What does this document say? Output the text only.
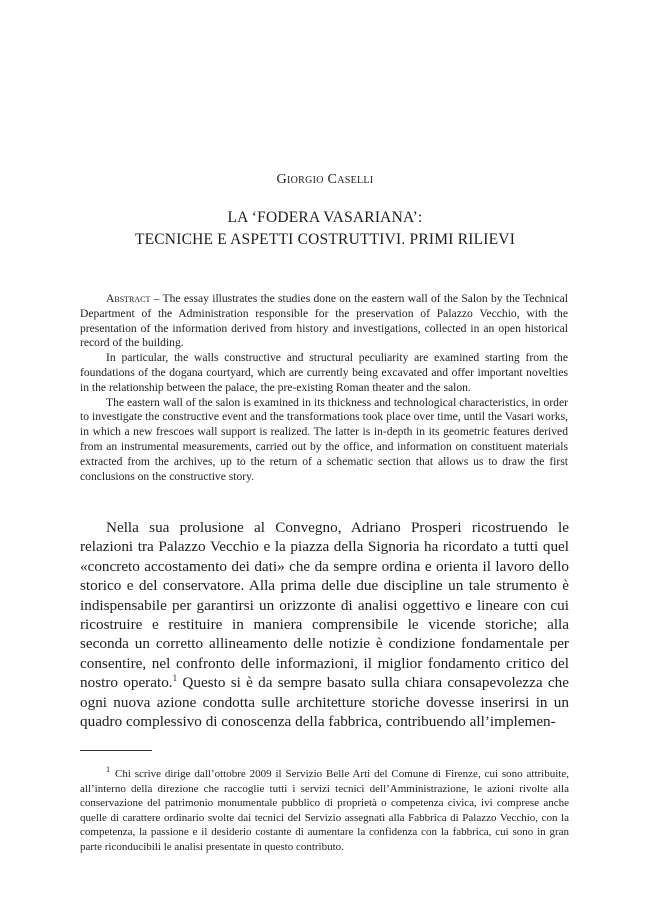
Giorgio Caselli
LA ‘FODERA VASARIANA’:
TECNICHE E ASPETTI COSTRUTTIVI. PRIMI RILIEVI

Abstract – The essay illustrates the studies done on the eastern wall of the Salon by the Technical Department of the Administration responsible for the preservation of Palazzo Vecchio, with the presentation of the information derived from history and investigations, collected in an open historical record of the building.

In particular, the walls constructive and structural peculiarity are examined starting from the foundations of the dogana courtyard, which are currently being excavated and offer important novelties in the relationship between the palace, the pre-existing Roman theater and the salon.

The eastern wall of the salon is examined in its thickness and technological characteristics, in order to investigate the constructive event and the transformations took place over time, until the Vasari works, in which a new frescoes wall support is realized. The latter is in-depth in its geometric features derived from an instrumental measurements, carried out by the office, and information on constituent materials extracted from the archives, up to the return of a schematic section that allows us to draw the first conclusions on the constructive story.

Nella sua prolusione al Convegno, Adriano Prosperi ricostruendo le relazioni tra Palazzo Vecchio e la piazza della Signoria ha ricordato a tutti quel «concreto accostamento dei dati» che da sempre ordina e orienta il lavoro dello storico e del conservatore. Alla prima delle due discipline un tale strumento è indispensabile per garantirsi un orizzonte di analisi oggettivo e lineare con cui ricostruire e restituire in maniera comprensibile le vicende storiche; alla seconda un corretto allineamento delle notizie è condizione fondamentale per consentire, nel confronto delle informazioni, il miglior fondamento critico del nostro operato.$^1$ Questo si è da sempre basato sulla chiara consapevolezza che ogni nuova azione condotta sulle architetture storiche dovesse inserirsi in un quadro complessivo di conoscenza della fabbrica, contribuendo all’implemen-

$^1$ Chi scrive dirige dall’ottobre 2009 il Servizio Belle Arti del Comune di Firenze, cui sono attribuite, all’interno della direzione che raccoglie tutti i servizi tecnici dell’Amministrazione, le azioni rivolte alla conservazione del patrimonio monumentale pubblico di proprietà o competenza civica, ivi comprese anche quelle di carattere ordinario svolte dai tecnici del Servizio assegnati alla Fabbrica di Palazzo Vecchio, con la competenza, la passione e il desiderio costante di aumentare la confidenza con la fabbrica, cui sono in gran parte riconducibili le analisi presentate in questo contributo.
